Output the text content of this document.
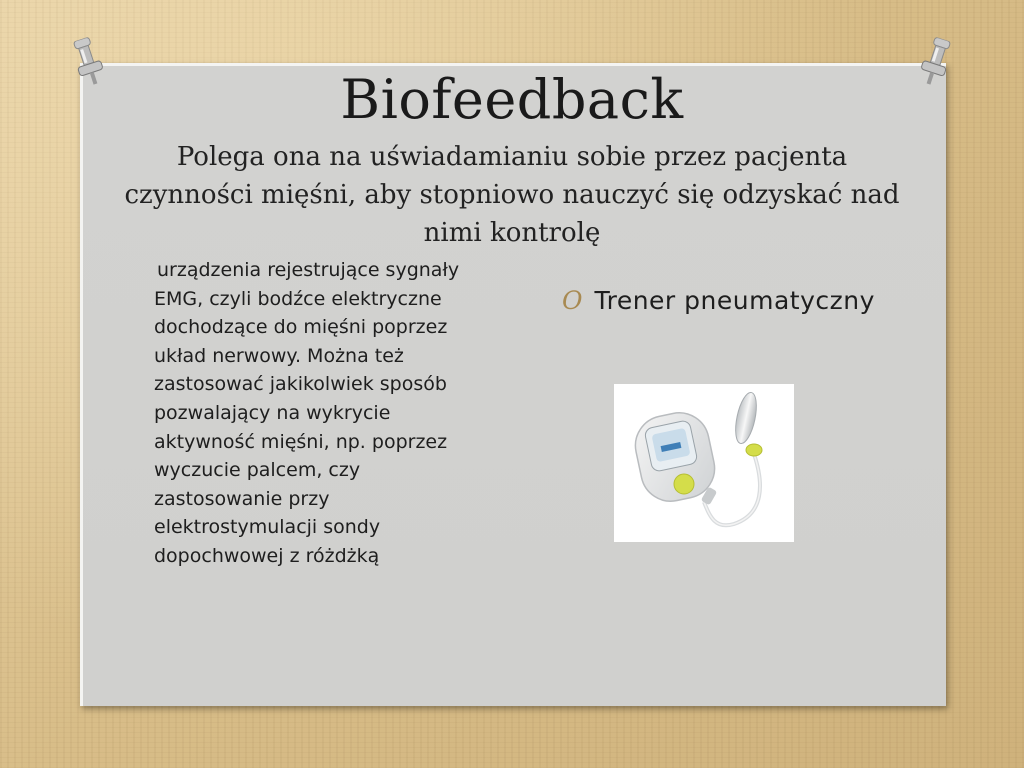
Biofeedback

Polega ona na uświadamianiu sobie przez pacjenta czynności mięśni, aby stopniowo nauczyć się odzyskać nad nimi kontrolę

urządzenia rejestrujące sygnały EMG, czyli bodźce elektryczne dochodzące do mięśni poprzez układ nerwowy. Można też zastosować jakikolwiek sposób pozwalający na wykrycie aktywność mięśni, np. poprzez wyczucie palcem, czy zastosowanie przy elektrostymulacji sondy dopochwowej z różdżką

O Trener pneumatyczny
